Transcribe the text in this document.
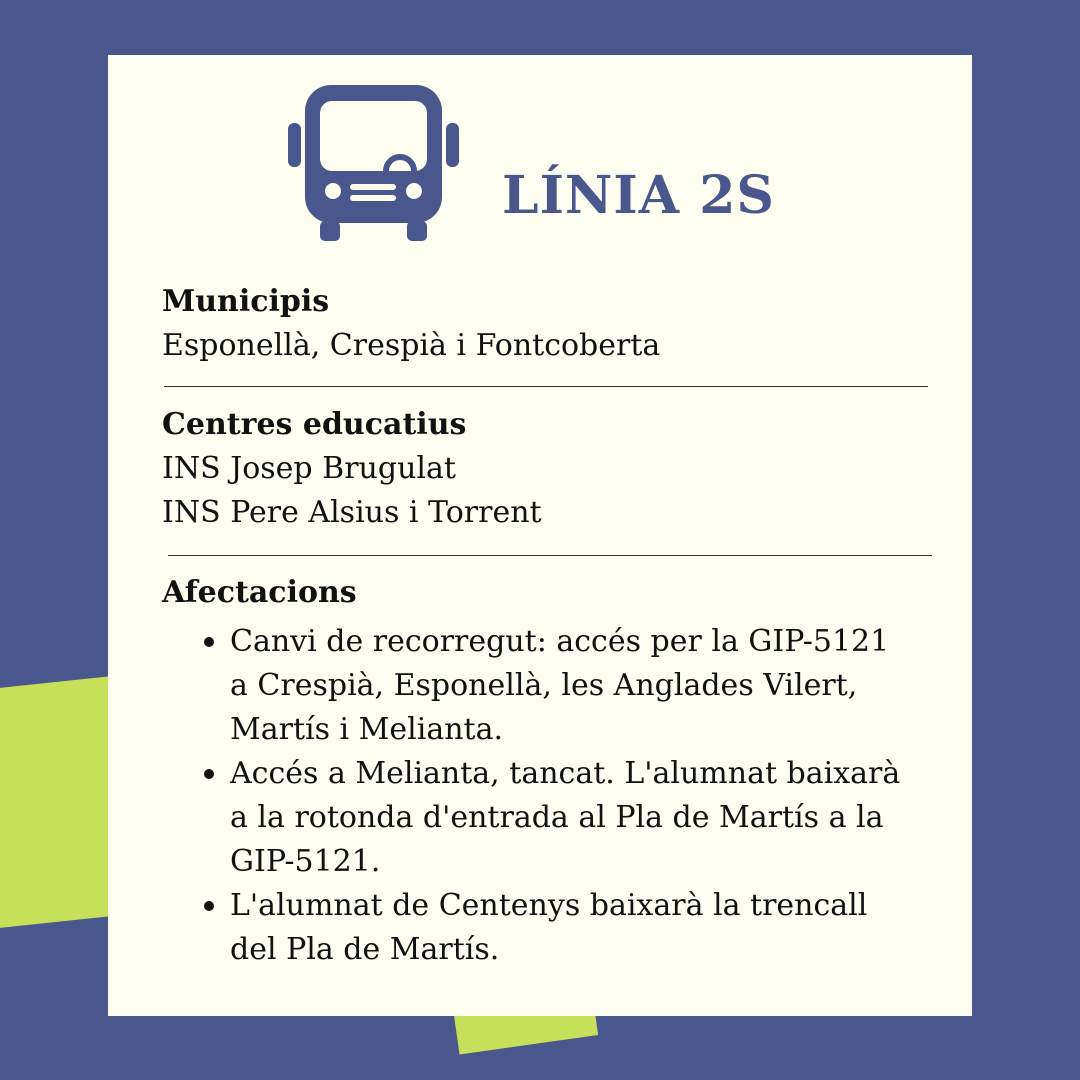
LÍNIA 2S
Municipis

Esponellà, Crespià i Fontcoberta

Centres educatius

INS Josep Brugulat

INS Pere Alsius i Torrent

Afectacions
Canvi de recorregut: accés per la GIP-5121
a Crespià, Esponellà, les Anglades Vilert,
Martís i Melianta.
Accés a Melianta, tancat. L'alumnat baixarà
a la rotonda d'entrada al Pla de Martís a la
GIP-5121.
L'alumnat de Centenys baixarà la trencall
del Pla de Martís.
